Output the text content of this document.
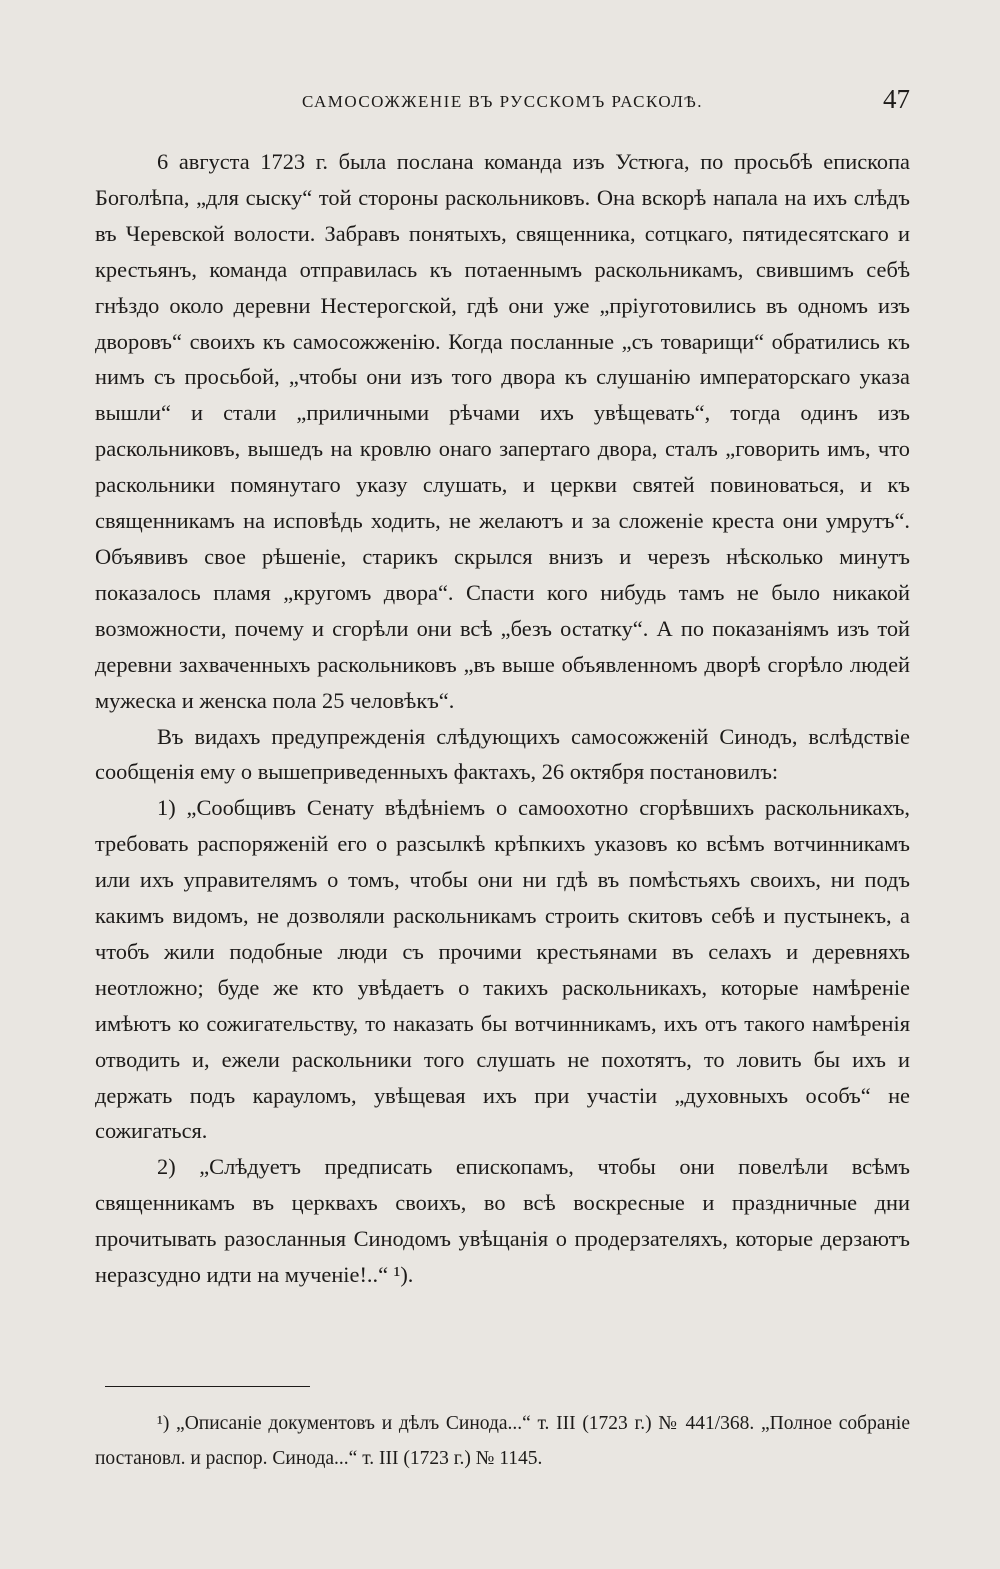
САМОСОЖЖЕНІЕ ВЪ РУССКОМЪ РАСКОЛѢ.	47

6 августа 1723 г. была послана команда изъ Устюга, по просьбѣ епископа Боголѣпа, „для сыску“ той стороны раскольниковъ. Она вскорѣ напала на ихъ слѣдъ въ Черевской волости. Забравъ понятыхъ, священника, сотцкаго, пятидесятскаго и крестьянъ, команда отправилась къ потаеннымъ раскольникамъ, свившимъ себѣ гнѣздо около деревни Нестерогской, гдѣ они уже „пріуготовились въ одномъ изъ дворовъ“ своихъ къ самосожженію. Когда посланные „съ товарищи“ обратились къ нимъ съ просьбой, „чтобы они изъ того двора къ слушанію императорскаго указа вышли“ и стали „приличными рѣчами ихъ увѣщевать“, тогда одинъ изъ раскольниковъ, вышедъ на кровлю онаго запертаго двора, сталъ „говорить имъ, что раскольники помянутаго указу слушать, и церкви святей повиноваться, и къ священникамъ на исповѣдь ходить, не желаютъ и за сложеніе креста они умрутъ“. Объявивъ свое рѣшеніе, старикъ скрылся внизъ и черезъ нѣсколько минутъ показалось пламя „кругомъ двора“. Спасти кого нибудь тамъ не было никакой возможности, почему и сгорѣли они всѣ „безъ остатку“. А по показаніямъ изъ той деревни захваченныхъ раскольниковъ „въ выше объявленномъ дворѣ сгорѣло людей мужеска и женска пола 25 человѣкъ“.

Въ видахъ предупрежденія слѣдующихъ самосожженій Синодъ, вслѣдствіе сообщенія ему о вышеприведенныхъ фактахъ, 26 октября постановилъ:

1) „Сообщивъ Сенату вѣдѣніемъ о самоохотно сгорѣвшихъ раскольникахъ, требовать распоряженій его о разсылкѣ крѣпкихъ указовъ ко всѣмъ вотчинникамъ или ихъ управителямъ о томъ, чтобы они ни гдѣ въ помѣстьяхъ своихъ, ни подъ какимъ видомъ, не дозволяли раскольникамъ строить скитовъ себѣ и пустынекъ, а чтобъ жили подобные люди съ прочими крестьянами въ селахъ и деревняхъ неотложно; буде же кто увѣдаетъ о такихъ раскольникахъ, которые намѣреніе имѣютъ ко сожигательству, то наказать бы вотчинникамъ, ихъ отъ такого намѣренія отводить и, ежели раскольники того слушать не похотятъ, то ловить бы ихъ и держать подъ карауломъ, увѣщевая ихъ при участіи „духовныхъ особъ“ не сожигаться.

2) „Слѣдуетъ предписать епископамъ, чтобы они повелѣли всѣмъ священникамъ въ церквахъ своихъ, во всѣ воскресные и праздничные дни прочитывать разосланныя Синодомъ увѣщанія о продерзателяхъ, которые дерзаютъ неразсудно идти на мученіе!..“ ¹).

¹) „Описаніе документовъ и дѣлъ Синода...“ т. III (1723 г.) № 441/368. „Полное собраніе постановл. и распор. Синода...“ т. III (1723 г.) № 1145.
